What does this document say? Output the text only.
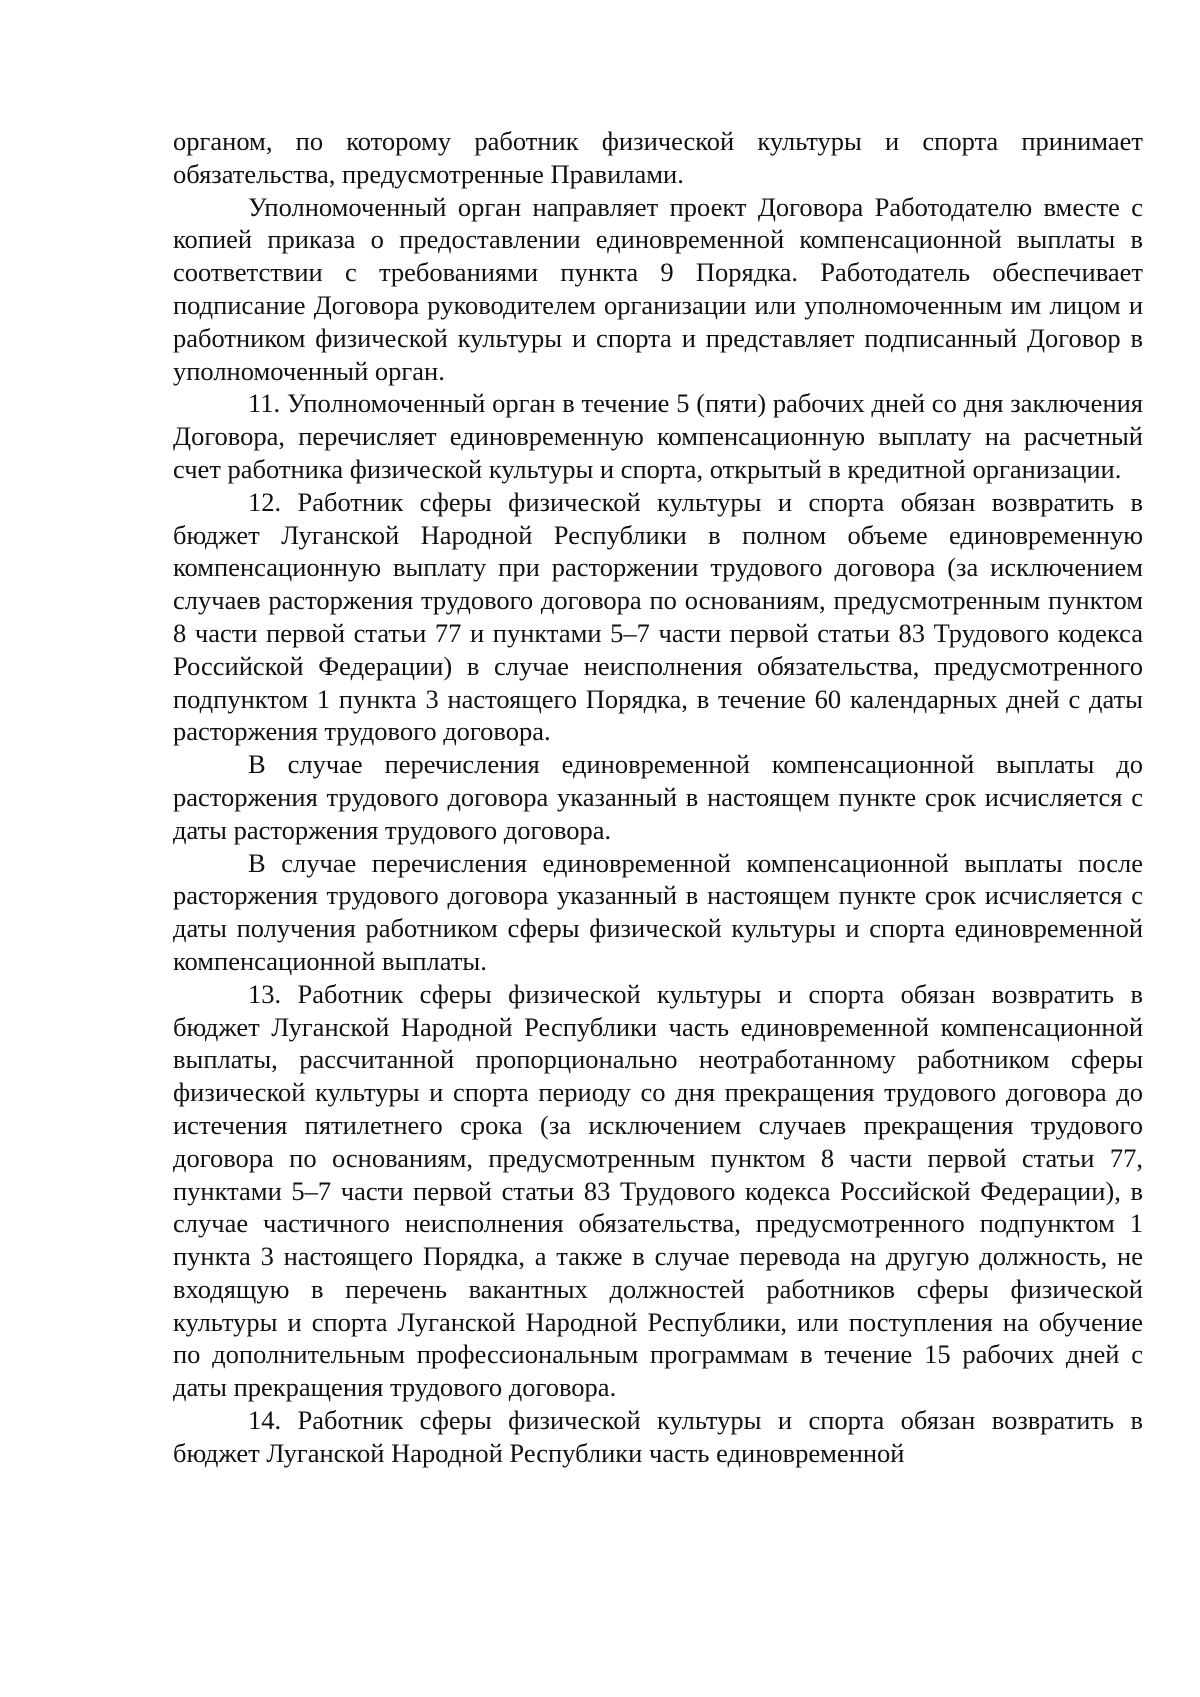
органом, по которому работник физической культуры и спорта принимает обязательства, предусмотренные Правилами.

Уполномоченный орган направляет проект Договора Работодателю вместе с копией приказа о предоставлении единовременной компенсационной выплаты в соответствии с требованиями пункта 9 Порядка. Работодатель обеспечивает подписание Договора руководителем организации или уполномоченным им лицом и работником физической культуры и спорта и представляет подписанный Договор в уполномоченный орган.

11. Уполномоченный орган в течение 5 (пяти) рабочих дней со дня заключения Договора, перечисляет единовременную компенсационную выплату на расчетный счет работника физической культуры и спорта, открытый в кредитной организации.

12. Работник сферы физической культуры и спорта обязан возвратить в бюджет Луганской Народной Республики в полном объеме единовременную компенсационную выплату при расторжении трудового договора (за исключением случаев расторжения трудового договора по основаниям, предусмотренным пунктом 8 части первой статьи 77 и пунктами 5–7 части первой статьи 83 Трудового кодекса Российской Федерации) в случае неисполнения обязательства, предусмотренного подпунктом 1 пункта 3 настоящего Порядка, в течение 60 календарных дней с даты расторжения трудового договора.

В случае перечисления единовременной компенсационной выплаты до расторжения трудового договора указанный в настоящем пункте срок исчисляется с даты расторжения трудового договора.

В случае перечисления единовременной компенсационной выплаты после расторжения трудового договора указанный в настоящем пункте срок исчисляется с даты получения работником сферы физической культуры и спорта единовременной компенсационной выплаты.

13. Работник сферы физической культуры и спорта обязан возвратить в бюджет Луганской Народной Республики часть единовременной компенсационной выплаты, рассчитанной пропорционально неотработанному работником сферы физической культуры и спорта периоду со дня прекращения трудового договора до истечения пятилетнего срока (за исключением случаев прекращения трудового договора по основаниям, предусмотренным пунктом 8 части первой статьи 77, пунктами 5–7 части первой статьи 83 Трудового кодекса Российской Федерации), в случае частичного неисполнения обязательства, предусмотренного подпунктом 1 пункта 3 настоящего Порядка, а также в случае перевода на другую должность, не входящую в перечень вакантных должностей работников сферы физической культуры и спорта Луганской Народной Республики, или поступления на обучение по дополнительным профессиональным программам в течение 15 рабочих дней с даты прекращения трудового договора.

14. Работник сферы физической культуры и спорта обязан возвратить в бюджет Луганской Народной Республики часть единовременной
